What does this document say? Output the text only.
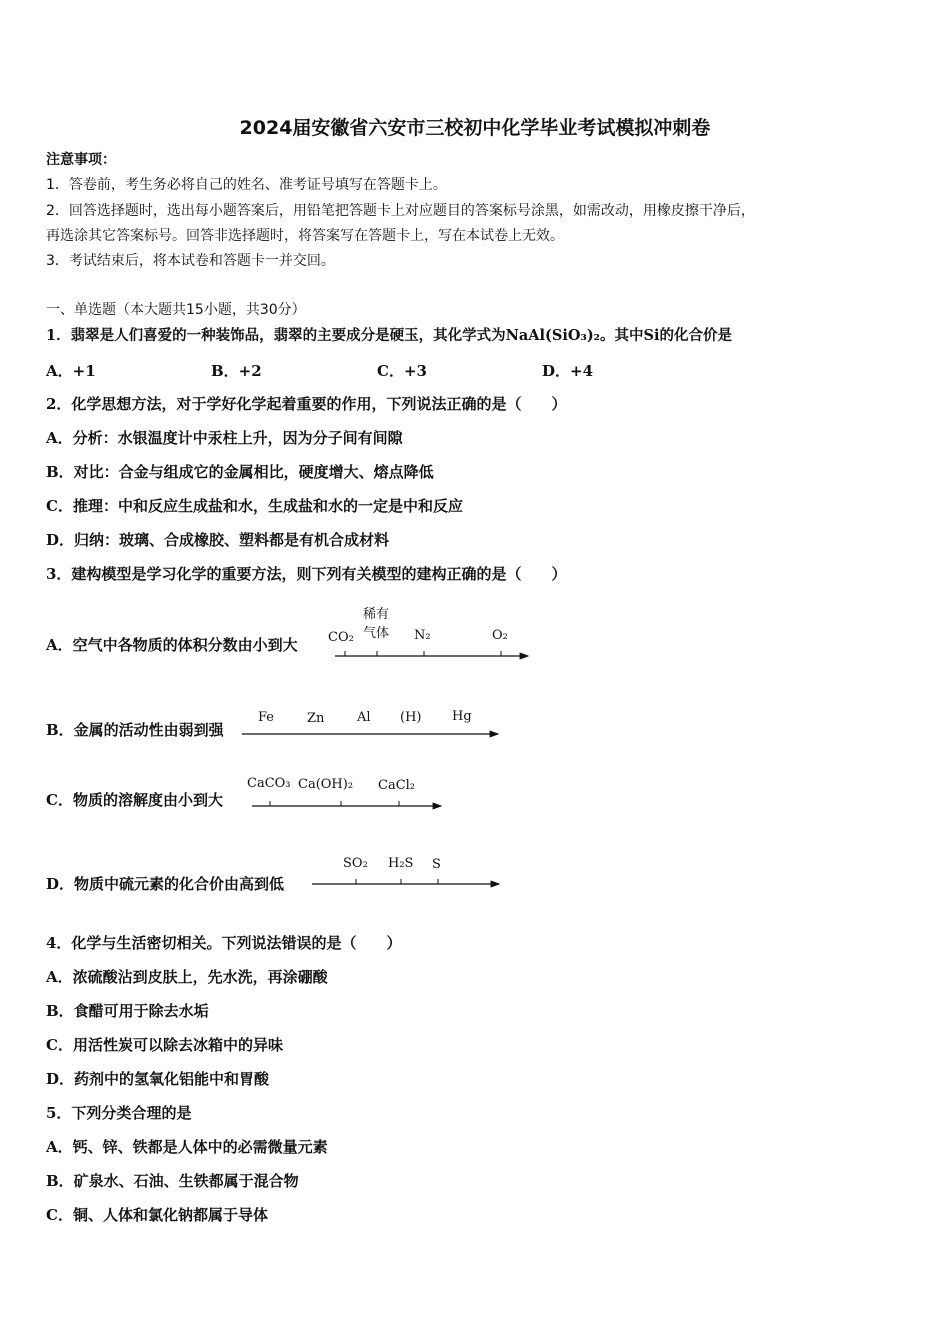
2024届安徽省六安市三校初中化学毕业考试模拟冲刺卷
注意事项：
1．答卷前，考生务必将自己的姓名、准考证号填写在答题卡上。
2．回答选择题时，选出每小题答案后，用铅笔把答题卡上对应题目的答案标号涂黑，如需改动，用橡皮擦干净后，
再选涂其它答案标号。回答非选择题时，将答案写在答题卡上，写在本试卷上无效。
3．考试结束后，将本试卷和答题卡一并交回。
一、单选题（本大题共15小题，共30分）
1．翡翠是人们喜爱的一种装饰品，翡翠的主要成分是硬玉，其化学式为NaAl(SiO₃)₂。其中Si的化合价是
A．+1	B．+2	C．+3	D．+4
2．化学思想方法，对于学好化学起着重要的作用，下列说法正确的是（　　）
A．分析：水银温度计中汞柱上升，因为分子间有间隙
B．对比：合金与组成它的金属相比，硬度增大、熔点降低
C．推理：中和反应生成盐和水，生成盐和水的一定是中和反应
D．归纳：玻璃、合成橡胶、塑料都是有机合成材料
3．建构模型是学习化学的重要方法，则下列有关模型的建构正确的是（　　）
A．空气中各物质的体积分数由小到大 CO₂
稀有
气体 N₂	O₂
B．金属的活动性由弱到强
Fe	Zn	Al (H) Hg
C．物质的溶解度由小到大
CaCO₃ Ca(OH)₂ CaCl₂
D．物质中硫元素的化合价由高到低
SO₂ H₂S S
4．化学与生活密切相关。下列说法错误的是（　　）
A．浓硫酸沾到皮肤上，先水洗，再涂硼酸
B．食醋可用于除去水垢
C．用活性炭可以除去冰箱中的异味
D．药剂中的氢氧化铝能中和胃酸
5．下列分类合理的是
A．钙、锌、铁都是人体中的必需微量元素
B．矿泉水、石油、生铁都属于混合物
C．铜、人体和氯化钠都属于导体
